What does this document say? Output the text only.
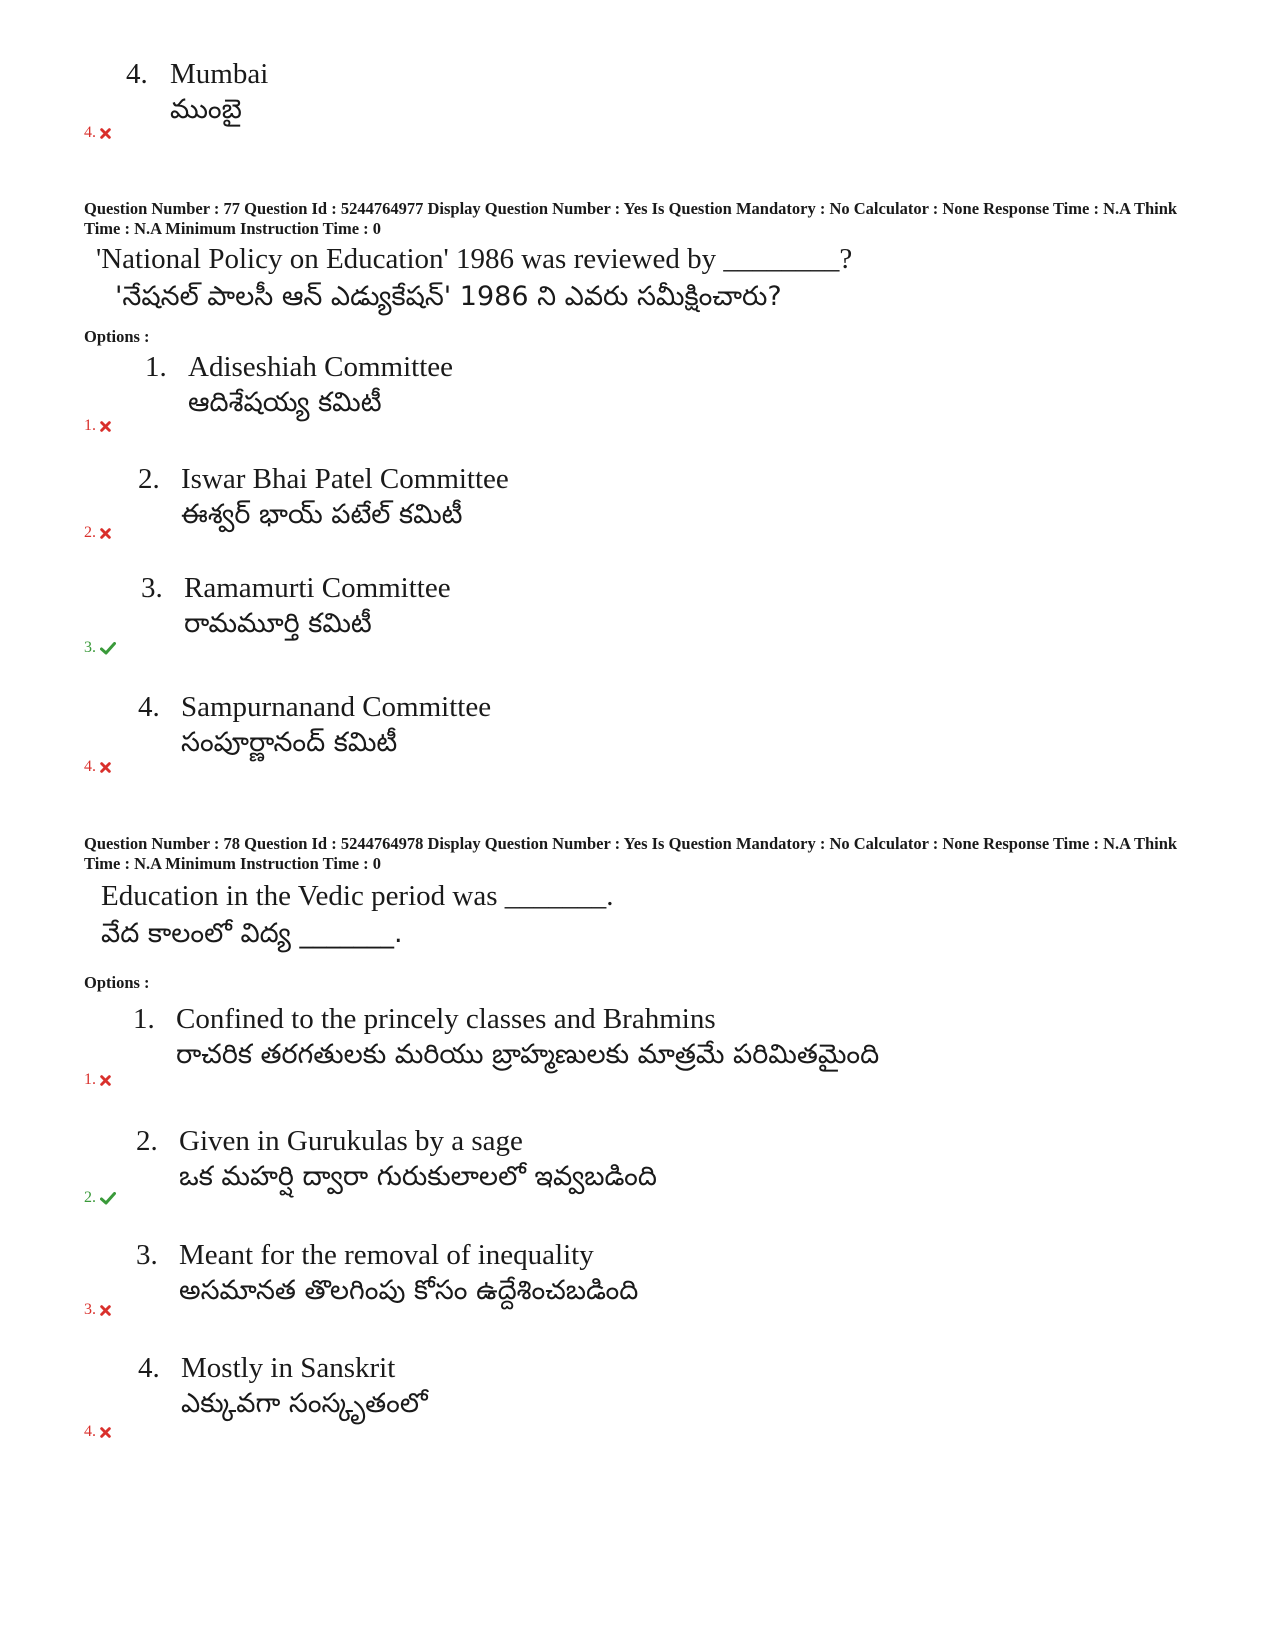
4. Mumbai
ముంబై
4.
Question Number : 77 Question Id : 5244764977 Display Question Number : Yes Is Question Mandatory : No Calculator : None Response Time : N.A Think Time : N.A Minimum Instruction Time : 0
'National Policy on Education' 1986 was reviewed by ________?
'నేషనల్ పాలసీ ఆన్ ఎడ్యుకేషన్' 1986 ని ఎవరు సమీక్షించారు?
Options :
1. Adiseshiah Committee
ఆదిశేషయ్య కమిటీ
1.
2. Iswar Bhai Patel Committee
ఈశ్వర్ భాయ్ పటేల్ కమిటీ
2.
3. Ramamurti Committee
రామమూర్తి కమిటీ
3.
4. Sampurnanand Committee
సంపూర్ణానంద్ కమిటీ
4.
Question Number : 78 Question Id : 5244764978 Display Question Number : Yes Is Question Mandatory : No Calculator : None Response Time : N.A Think Time : N.A Minimum Instruction Time : 0
Education in the Vedic period was _______.
వేద కాలంలో విద్య _______.
Options :
1. Confined to the princely classes and Brahmins
రాచరిక తరగతులకు మరియు బ్రాహ్మణులకు మాత్రమే పరిమితమైంది
1.
2. Given in Gurukulas by a sage
ఒక మహర్షి ద్వారా గురుకులాలలో ఇవ్వబడింది
2.
3. Meant for the removal of inequality
అసమానత తొలగింపు కోసం ఉద్దేశించబడింది
3.
4. Mostly in Sanskrit
ఎక్కువగా సంస్కృతంలో
4.
